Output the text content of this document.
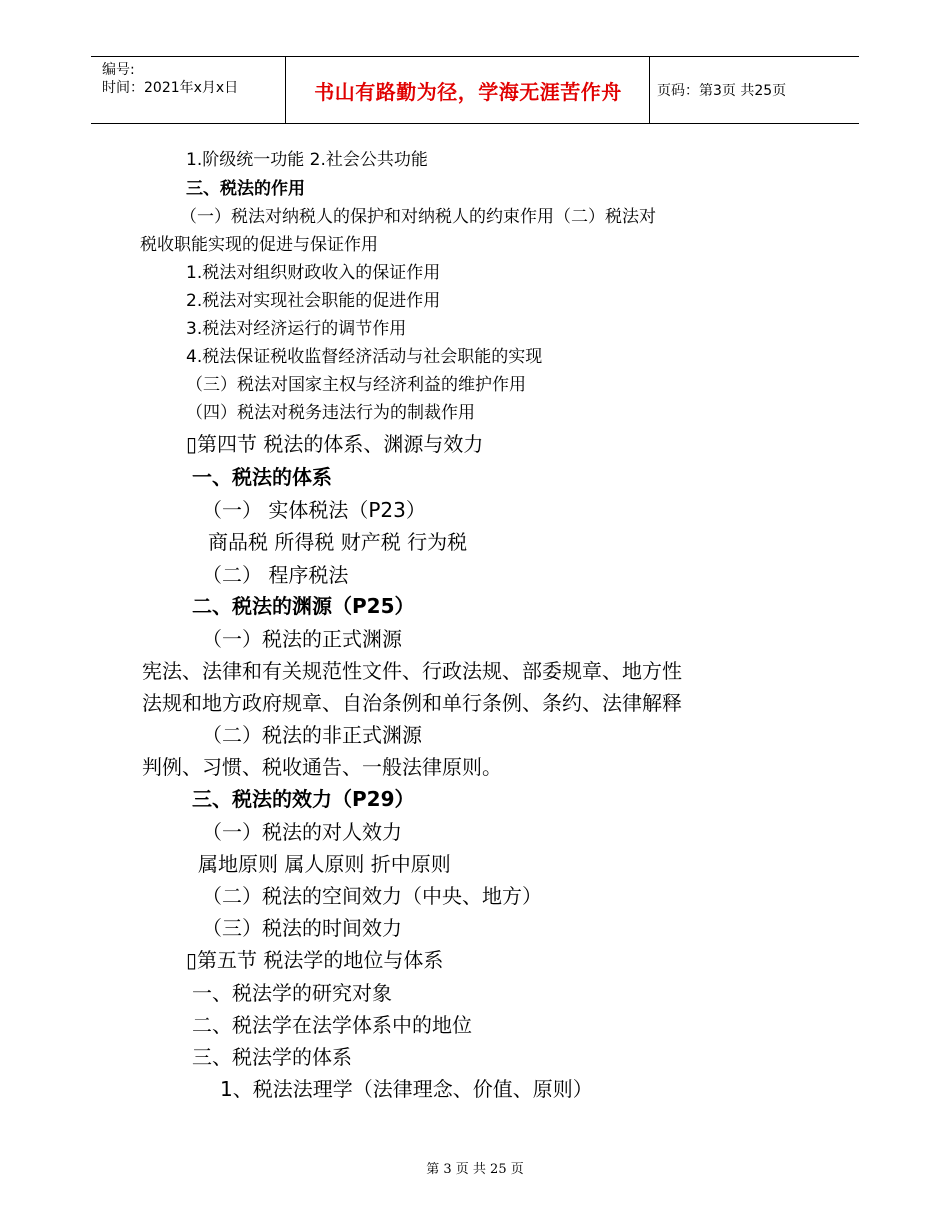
编号:
时间：2021年x月x日	书山有路勤为径，学海无涯苦作舟	页码：第3页 共25页
1.阶级统一功能 2.社会公共功能
三、税法的作用
（一）税法对纳税人的保护和对纳税人的约束作用（二）税法对
税收职能实现的促进与保证作用
1.税法对组织财政收入的保证作用
2.税法对实现社会职能的促进作用
3.税法对经济运行的调节作用
4.税法保证税收监督经济活动与社会职能的实现
（三）税法对国家主权与经济利益的维护作用
（四）税法对税务违法行为的制裁作用
▯第四节 税法的体系、渊源与效力
一、税法的体系
（一） 实体税法（P23）
商品税 所得税 财产税 行为税
（二） 程序税法
二、税法的渊源（P25）
（一）税法的正式渊源
宪法、法律和有关规范性文件、行政法规、部委规章、地方性
法规和地方政府规章、自治条例和单行条例、条约、法律解释
（二）税法的非正式渊源
判例、习惯、税收通告、一般法律原则。
三、税法的效力（P29）
（一）税法的对人效力
属地原则 属人原则 折中原则
（二）税法的空间效力（中央、地方）
（三）税法的时间效力
▯第五节 税法学的地位与体系
一、税法学的研究对象
二、税法学在法学体系中的地位
三、税法学的体系
1、税法法理学（法律理念、价值、原则）
第 3 页 共 25 页
